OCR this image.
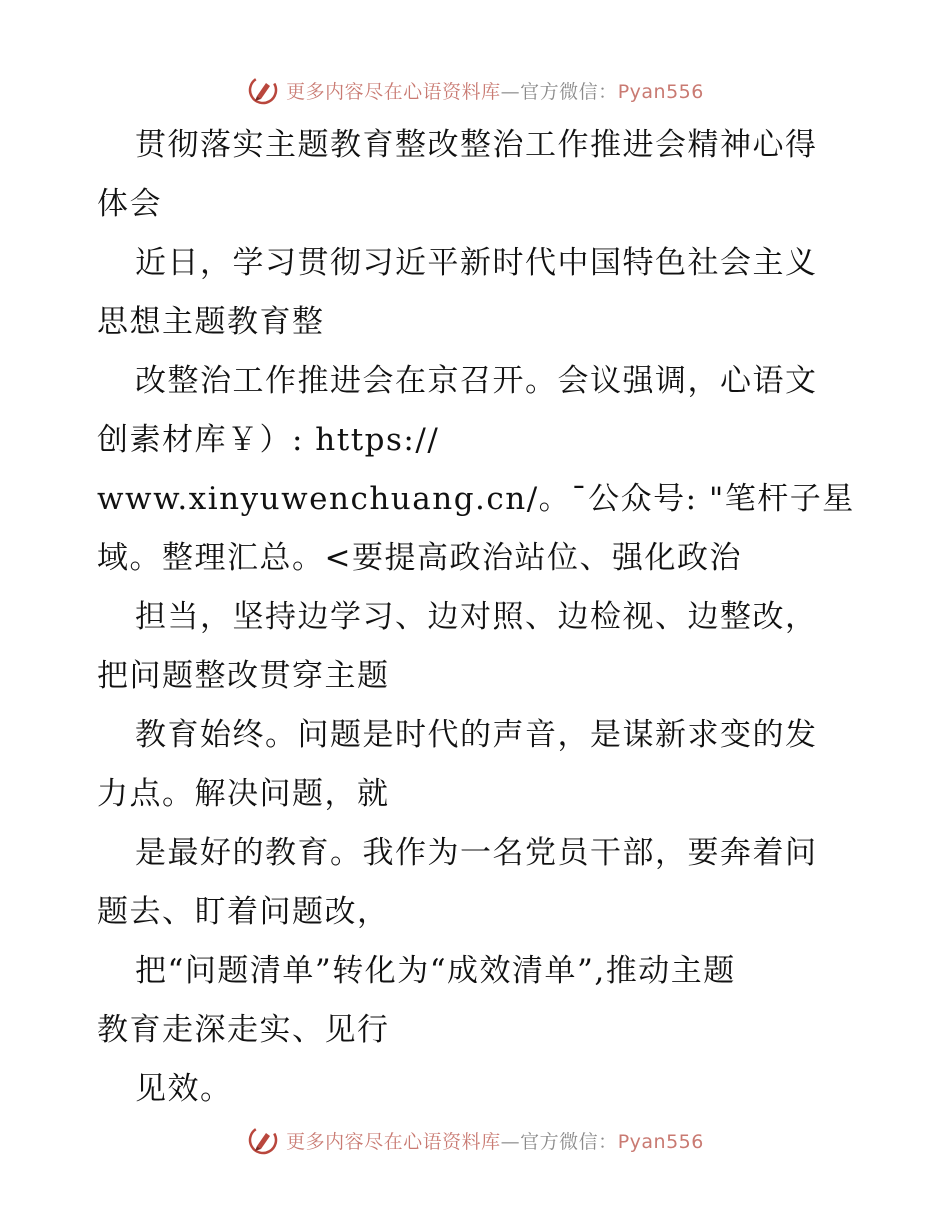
更多内容尽在心语资料库—官方微信：Pyan556
贯彻落实主题教育整改整治工作推进会精神心得
体会
近日，学习贯彻习近平新时代中国特色社会主义
思想主题教育整
改整治工作推进会在京召开。会议强调，心语文
创素材库￥）: https://
www.xinyuwenchuang.cn/。¯公众号: "笔杆子星
域。整理汇总。<要提高政治站位、强化政治
担当，坚持边学习、边对照、边检视、边整改，
把问题整改贯穿主题
教育始终。问题是时代的声音，是谋新求变的发
力点。解决问题，就
是最好的教育。我作为一名党员干部，要奔着问
题去、盯着问题改，
把“问题清单”转化为“成效清单”,推动主题
教育走深走实、见行
见效。
更多内容尽在心语资料库—官方微信：Pyan556
